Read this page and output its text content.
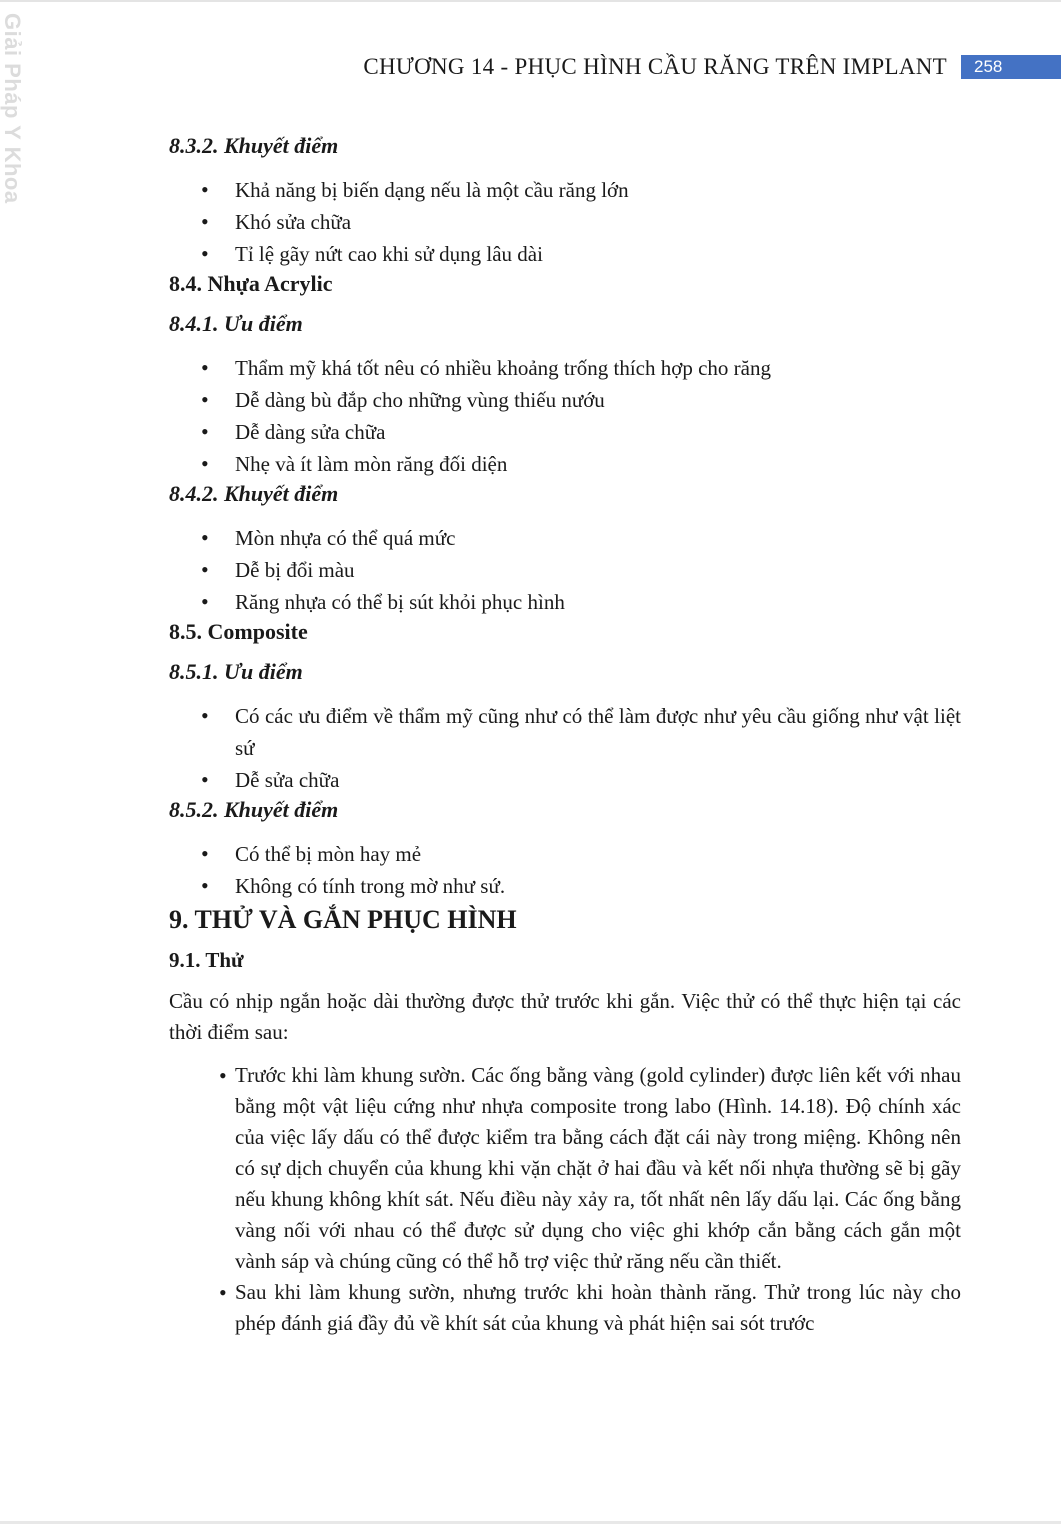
Giải Pháp Y Khoa	CHƯƠNG 14 - PHỤC HÌNH CẦU RĂNG TRÊN IMPLANT	258
8.3.2. Khuyết điểm
• Khả năng bị biến dạng nếu là một cầu răng lớn
• Khó sửa chữa
• Tỉ lệ gãy nứt cao khi sử dụng lâu dài
8.4. Nhựa Acrylic
8.4.1. Ưu điểm
• Thẩm mỹ khá tốt nêu có nhiều khoảng trống thích hợp cho răng
• Dễ dàng bù đắp cho những vùng thiếu nướu
• Dễ dàng sửa chữa
• Nhẹ và ít làm mòn răng đối diện
8.4.2. Khuyết điểm
• Mòn nhựa có thể quá mức
• Dễ bị đổi màu
• Răng nhựa có thể bị sút khỏi phục hình
8.5. Composite
8.5.1. Ưu điểm
• Có các ưu điểm về thẩm mỹ cũng như có thể làm được như yêu cầu giống như vật liệt sứ
• Dễ sửa chữa
8.5.2. Khuyết điểm
• Có thể bị mòn hay mẻ
• Không có tính trong mờ như sứ.
9. THỬ VÀ GẮN PHỤC HÌNH
9.1. Thử

Cầu có nhịp ngắn hoặc dài thường được thử trước khi gắn. Việc thử có thể thực hiện tại các thời điểm sau:

• Trước khi làm khung sườn. Các ống bằng vàng (gold cylinder) được liên kết với nhau bằng một vật liệu cứng như nhựa composite trong labo (Hình. 14.18). Độ chính xác của việc lấy dấu có thể được kiểm tra bằng cách đặt cái này trong miệng. Không nên có sự dịch chuyển của khung khi vặn chặt ở hai đầu và kết nối nhựa thường sẽ bị gãy nếu khung không khít sát. Nếu điều này xảy ra, tốt nhất nên lấy dấu lại. Các ống bằng vàng nối với nhau có thể được sử dụng cho việc ghi khớp cắn bằng cách gắn một vành sáp và chúng cũng có thể hỗ trợ việc thử răng nếu cần thiết.
• Sau khi làm khung sườn, nhưng trước khi hoàn thành răng. Thử trong lúc này cho phép đánh giá đầy đủ về khít sát của khung và phát hiện sai sót trước
